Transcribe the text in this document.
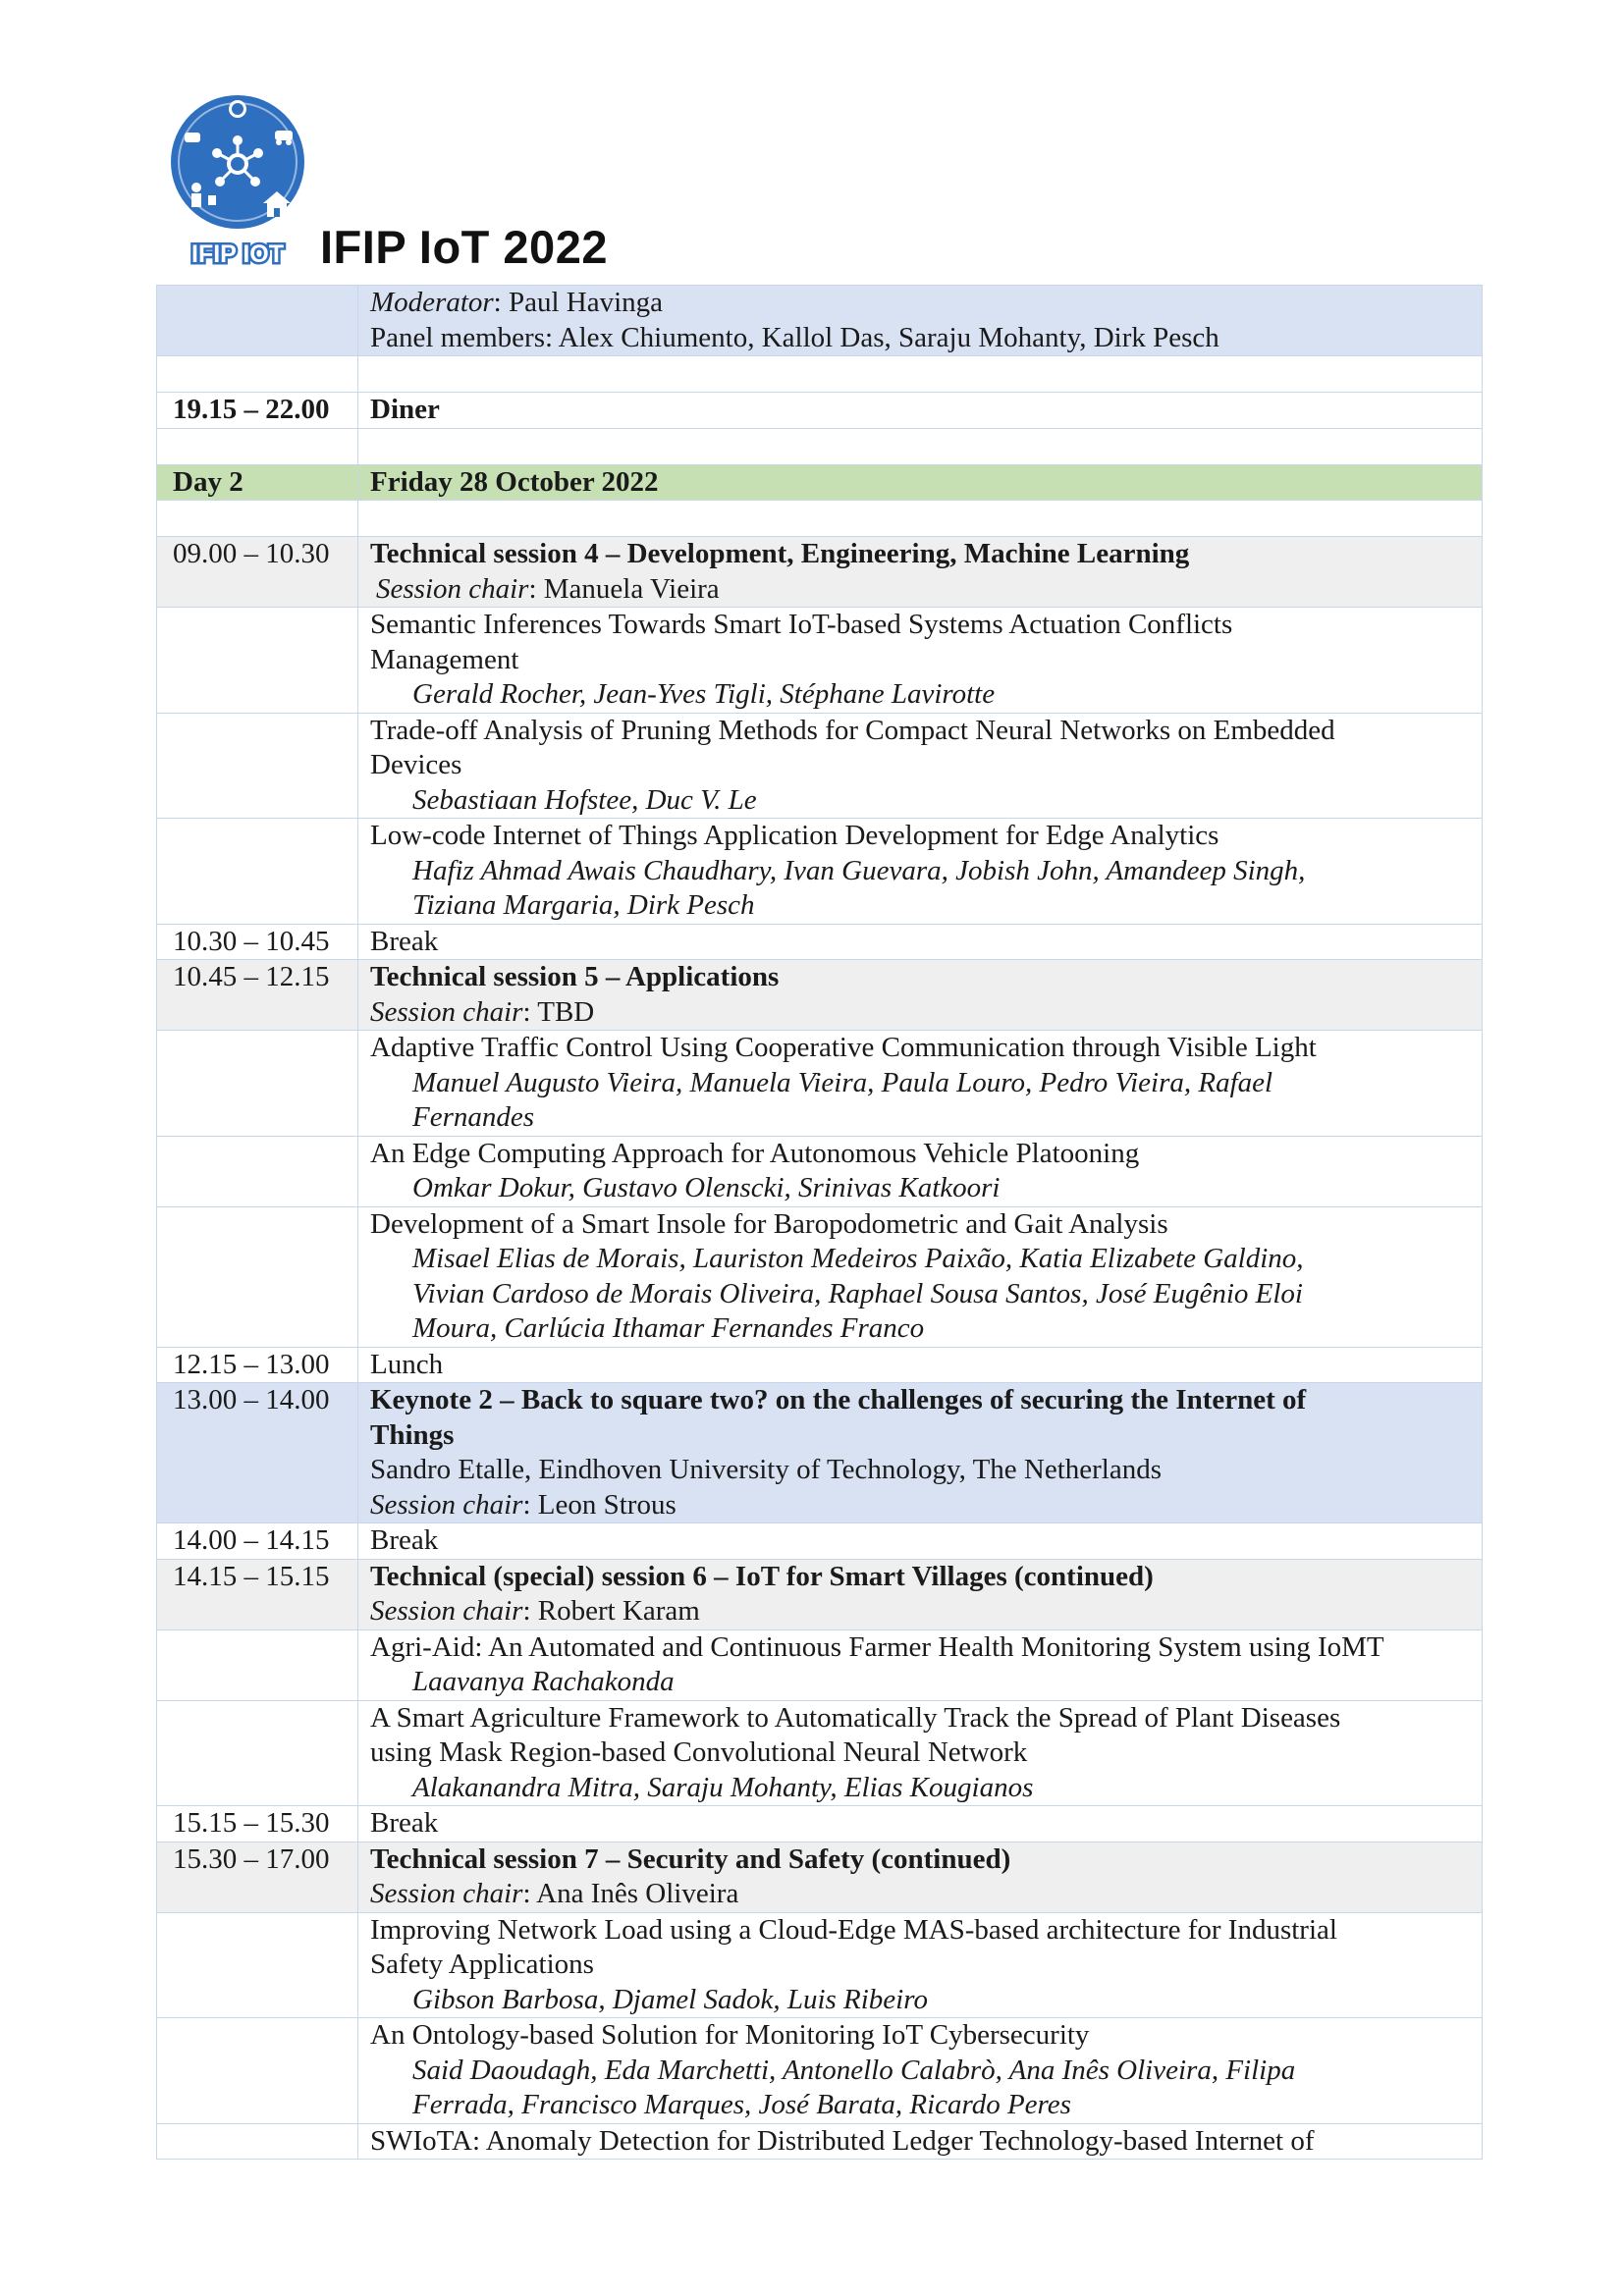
IFIP IOT IFIP IoT 2022

	Moderator: Paul Havinga
Panel members: Alex Chiumento, Kallol Das, Saraju Mohanty, Dirk Pesch

19.15 – 22.00	Diner

Day 2	Friday 28 October 2022

09.00 – 10.30	Technical session 4 – Development, Engineering, Machine Learning
Session chair: Manuela Vieira

	Semantic Inferences Towards Smart IoT-based Systems Actuation Conflicts
Management
Gerald Rocher, Jean-Yves Tigli, Stéphane Lavirotte

	Trade-off Analysis of Pruning Methods for Compact Neural Networks on Embedded
Devices
Sebastiaan Hofstee, Duc V. Le

	Low-code Internet of Things Application Development for Edge Analytics
Hafiz Ahmad Awais Chaudhary, Ivan Guevara, Jobish John, Amandeep Singh,
Tiziana Margaria, Dirk Pesch

10.30 – 10.45	Break
10.45 – 12.15	Technical session 5 – Applications
Session chair: TBD

	Adaptive Traffic Control Using Cooperative Communication through Visible Light
Manuel Augusto Vieira, Manuela Vieira, Paula Louro, Pedro Vieira, Rafael
Fernandes

	An Edge Computing Approach for Autonomous Vehicle Platooning
Omkar Dokur, Gustavo Olenscki, Srinivas Katkoori

	Development of a Smart Insole for Baropodometric and Gait Analysis
Misael Elias de Morais, Lauriston Medeiros Paixão, Katia Elizabete Galdino,
Vivian Cardoso de Morais Oliveira, Raphael Sousa Santos, José Eugênio Eloi
Moura, Carlúcia Ithamar Fernandes Franco

12.15 – 13.00	Lunch
13.00 – 14.00	Keynote 2 – Back to square two? on the challenges of securing the Internet of
Things
Sandro Etalle, Eindhoven University of Technology, The Netherlands
Session chair: Leon Strous

14.00 – 14.15	Break
14.15 – 15.15	Technical (special) session 6 – IoT for Smart Villages (continued)
Session chair: Robert Karam

	Agri-Aid: An Automated and Continuous Farmer Health Monitoring System using IoMT
Laavanya Rachakonda

	A Smart Agriculture Framework to Automatically Track the Spread of Plant Diseases
using Mask Region-based Convolutional Neural Network
Alakanandra Mitra, Saraju Mohanty, Elias Kougianos

15.15 – 15.30	Break
15.30 – 17.00	Technical session 7 – Security and Safety (continued)
Session chair: Ana Inês Oliveira

	Improving Network Load using a Cloud-Edge MAS-based architecture for Industrial
Safety Applications
Gibson Barbosa, Djamel Sadok, Luis Ribeiro

	An Ontology-based Solution for Monitoring IoT Cybersecurity
Said Daoudagh, Eda Marchetti, Antonello Calabrò, Ana Inês Oliveira, Filipa
Ferrada, Francisco Marques, José Barata, Ricardo Peres

	SWIoTA: Anomaly Detection for Distributed Ledger Technology-based Internet of
